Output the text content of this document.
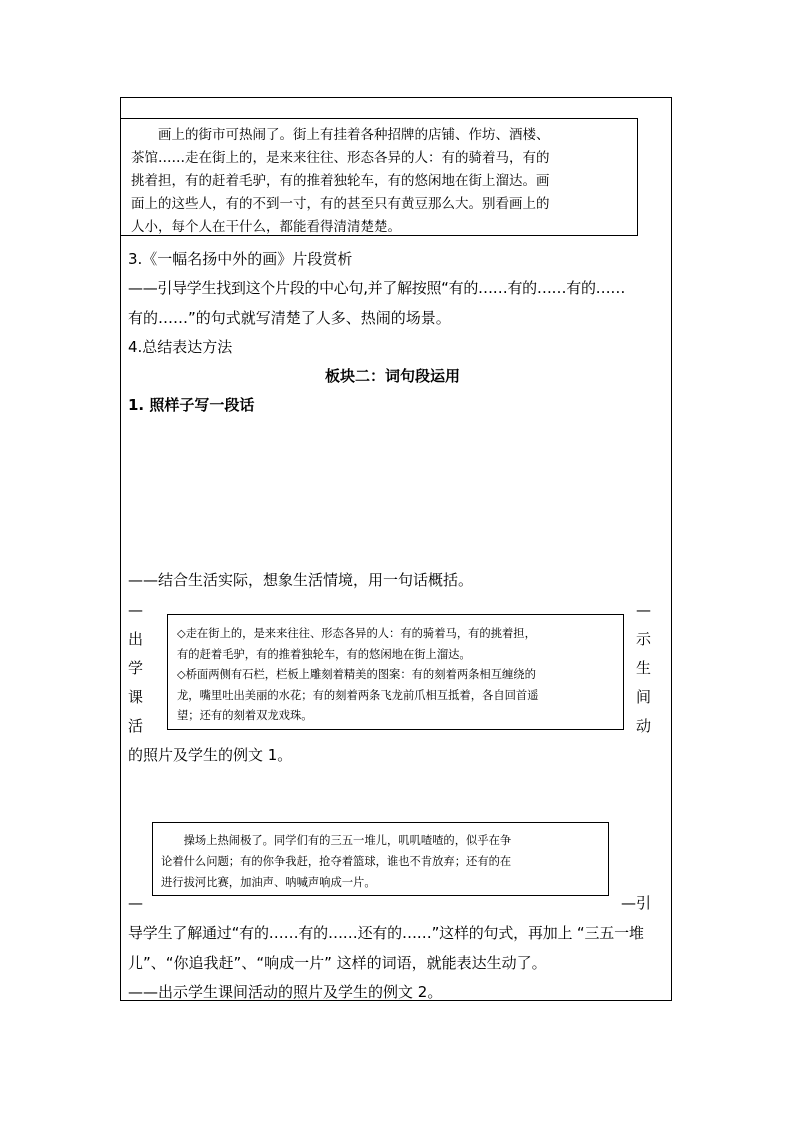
画上的街市可热闹了。街上有挂着各种招牌的店铺、作坊、酒楼、

茶馆……走在街上的，是来来往往、形态各异的人：有的骑着马，有的

挑着担，有的赶着毛驴，有的推着独轮车，有的悠闲地在街上溜达。画

面上的这些人，有的不到一寸，有的甚至只有黄豆那么大。别看画上的

人小，每个人在干什么，都能看得清清楚楚。

3.《一幅名扬中外的画》片段赏析
——引导学生找到这个片段的中心句,并了解按照“有的……有的……有的……
有的……”的句式就写清楚了人多、热闹的场景。
4.总结表达方法
板块二：词句段运用
1. 照样子写一段话
——结合生活实际，想象生活情境，用一句话概括。
—
出
学
课
活
—
示
生
间
动

◇走在街上的，是来来往往、形态各异的人：有的骑着马，有的挑着担，

有的赶着毛驴，有的推着独轮车，有的悠闲地在街上溜达。

◇桥面两侧有石栏，栏板上雕刻着精美的图案：有的刻着两条相互缠绕的

龙，嘴里吐出美丽的水花；有的刻着两条飞龙前爪相互抵着，各自回首遥

望；还有的刻着双龙戏珠。

的照片及学生的例文 1。

操场上热闹极了。同学们有的三五一堆儿，叽叽喳喳的，似乎在争

论着什么问题；有的你争我赶，抢夺着篮球，谁也不肯放弃；还有的在

进行拔河比赛，加油声、呐喊声响成一片。

—	—引
导学生了解通过“有的……有的……还有的……”这样的句式，再加上 “三五一堆
儿”、“你追我赶”、“响成一片” 这样的词语，就能表达生动了。
——出示学生课间活动的照片及学生的例文 2。
